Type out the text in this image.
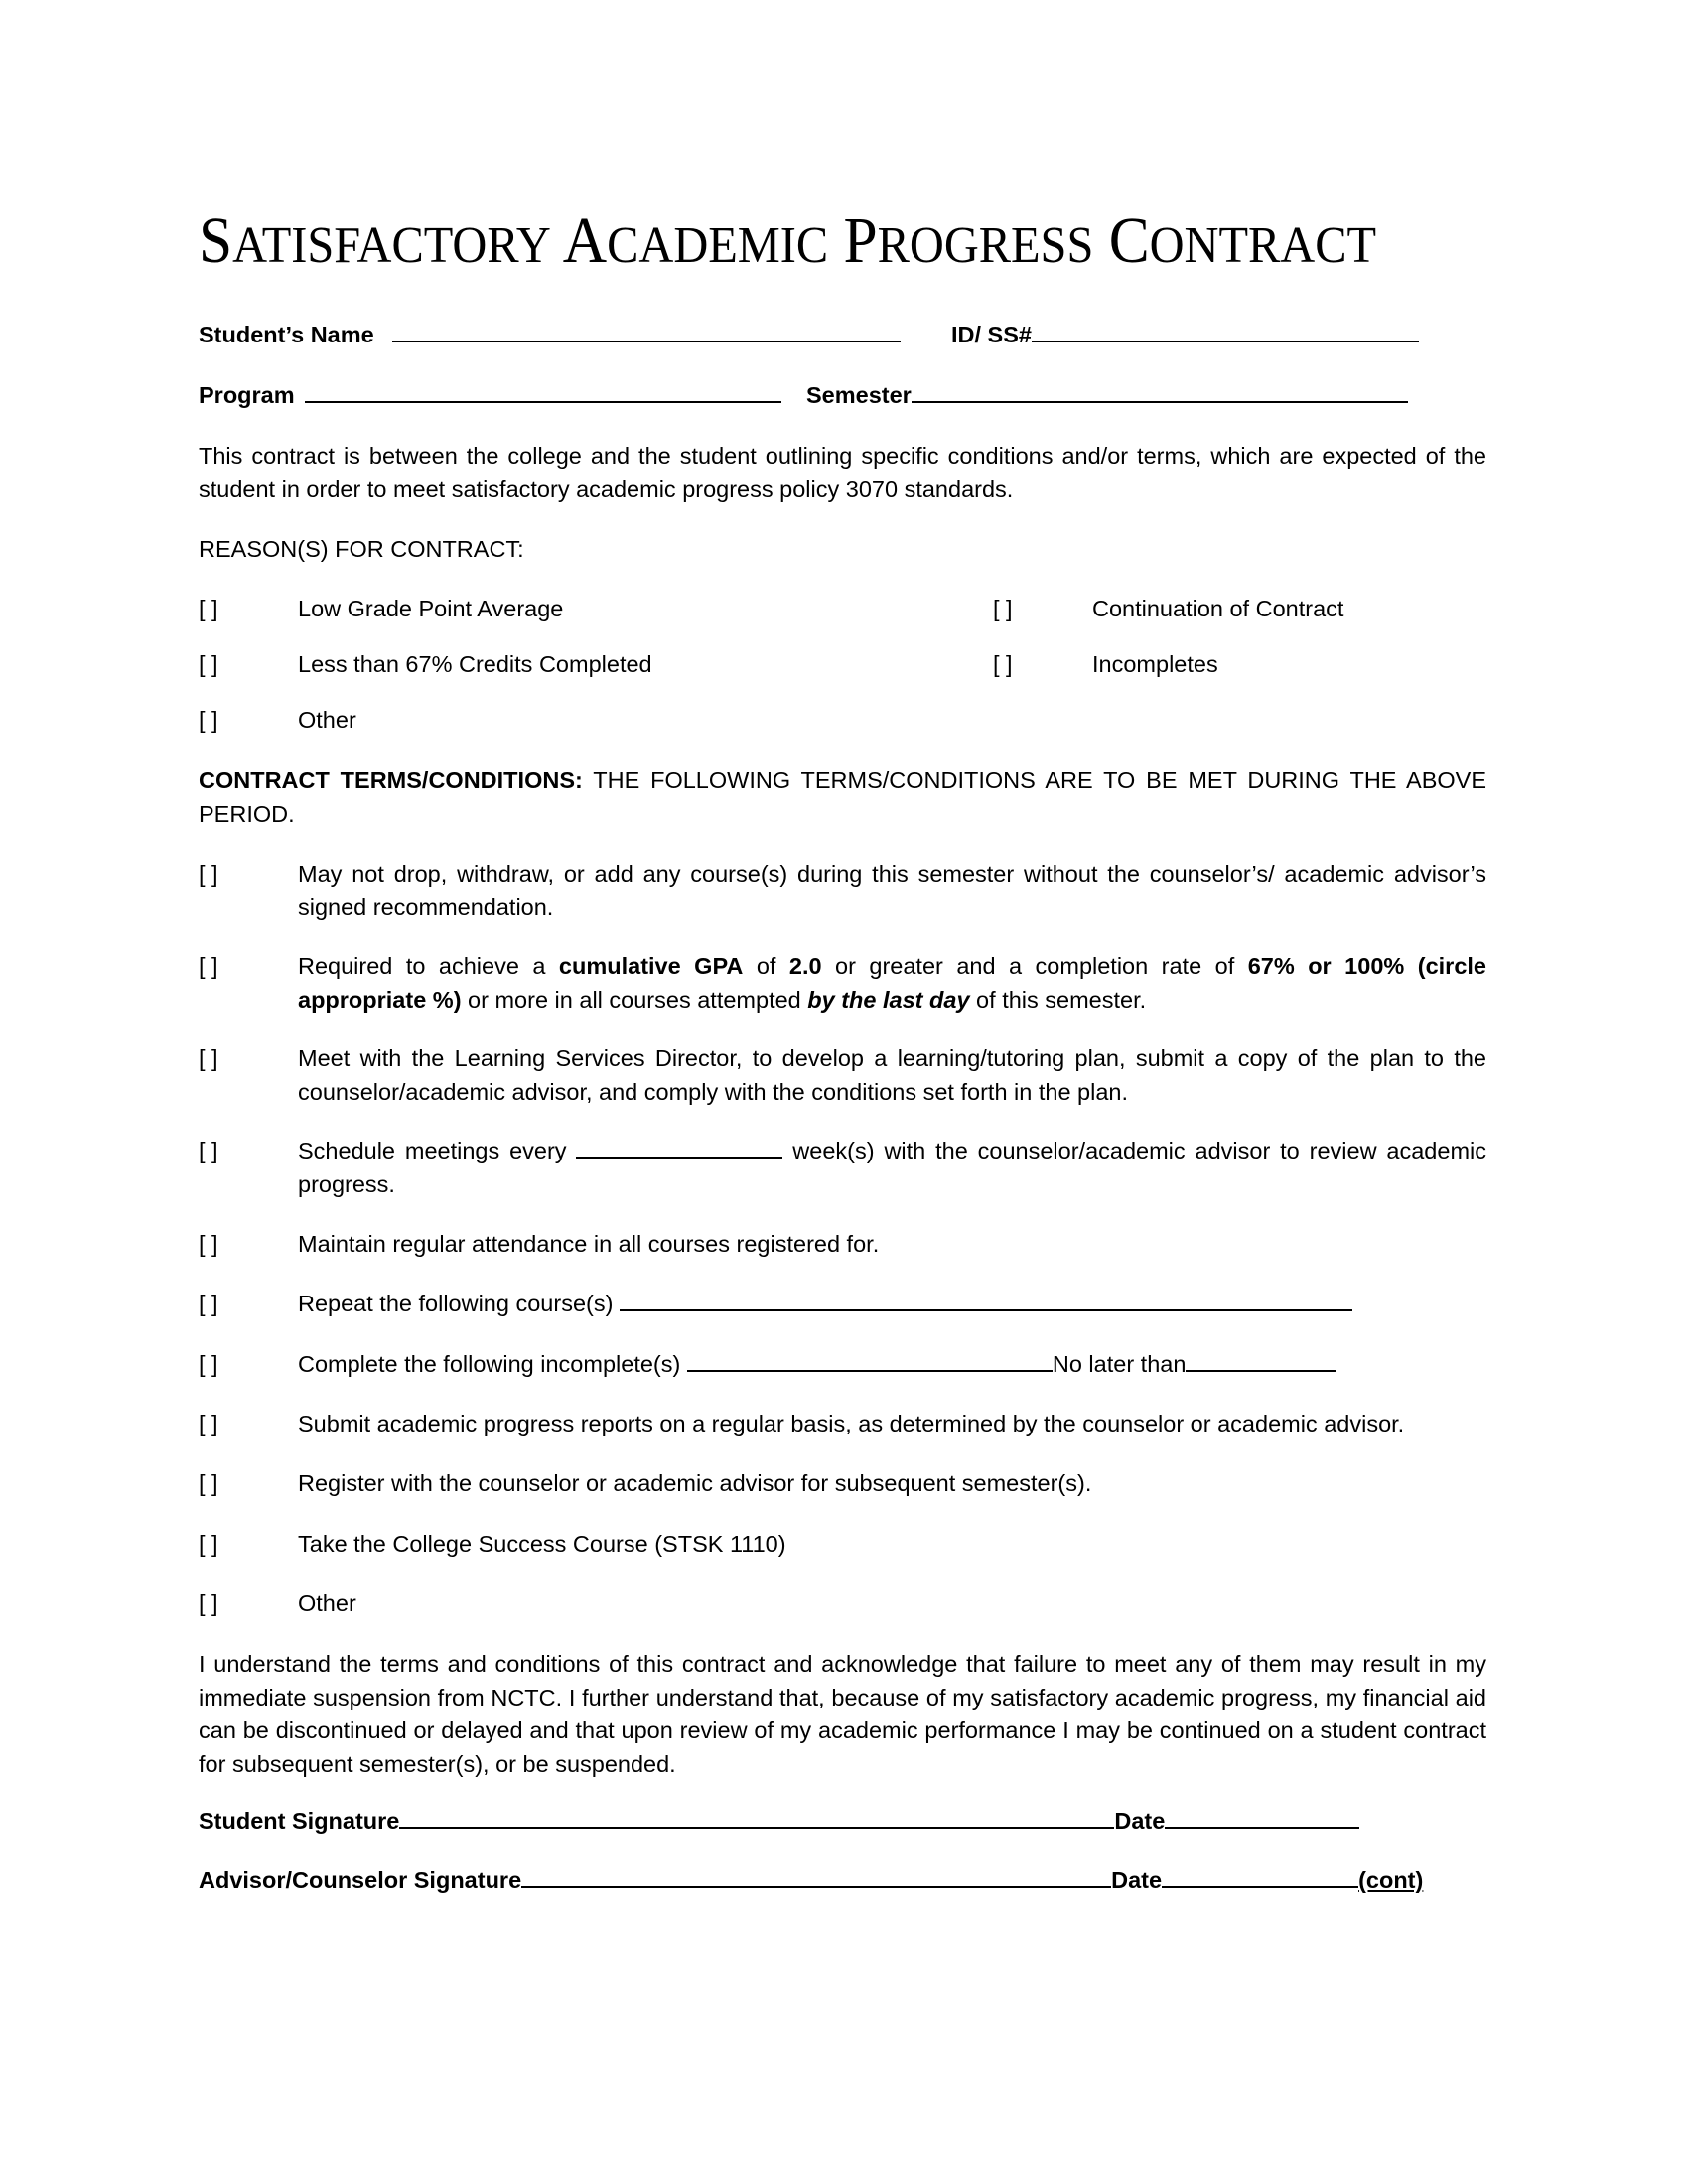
SATISFACTORY ACADEMIC PROGRESS CONTRACT
Student’s Name	ID/ SS#
Program	Semester
This contract is between the college and the student outlining specific conditions and/or terms, which are expected of the student in order to meet satisfactory academic progress policy 3070 standards.
REASON(S) FOR CONTRACT:
[ ]	Low Grade Point Average	[ ]	Continuation of Contract
[ ]	Less than 67% Credits Completed	[ ]	Incompletes
[ ]	Other
CONTRACT TERMS/CONDITIONS: THE FOLLOWING TERMS/CONDITIONS ARE TO BE MET DURING THE ABOVE PERIOD.
[ ]	May not drop, withdraw, or add any course(s) during this semester without the counselor’s/ academic advisor’s signed recommendation.
[ ]	Required to achieve a cumulative GPA of 2.0 or greater and a completion rate of 67% or 100% (circle appropriate %) or more in all courses attempted by the last day of this semester.
[ ]	Meet with the Learning Services Director, to develop a learning/tutoring plan, submit a copy of the plan to the counselor/academic advisor, and comply with the conditions set forth in the plan.
[ ]	Schedule meetings every	week(s) with the counselor/academic advisor to review academic progress.
[ ]	Maintain regular attendance in all courses registered for.
[ ]	Repeat the following course(s)
[ ]	Complete the following incomplete(s)	No later than
[ ]	Submit academic progress reports on a regular basis, as determined by the counselor or academic advisor.
[ ]	Register with the counselor or academic advisor for subsequent semester(s).
[ ]	Take the College Success Course (STSK 1110)
[ ]	Other
I understand the terms and conditions of this contract and acknowledge that failure to meet any of them may result in my immediate suspension from NCTC. I further understand that, because of my satisfactory academic progress, my financial aid can be discontinued or delayed and that upon review of my academic performance I may be continued on a student contract for subsequent semester(s), or be suspended.
Student Signature	Date
Advisor/Counselor Signature	Date	(cont)
